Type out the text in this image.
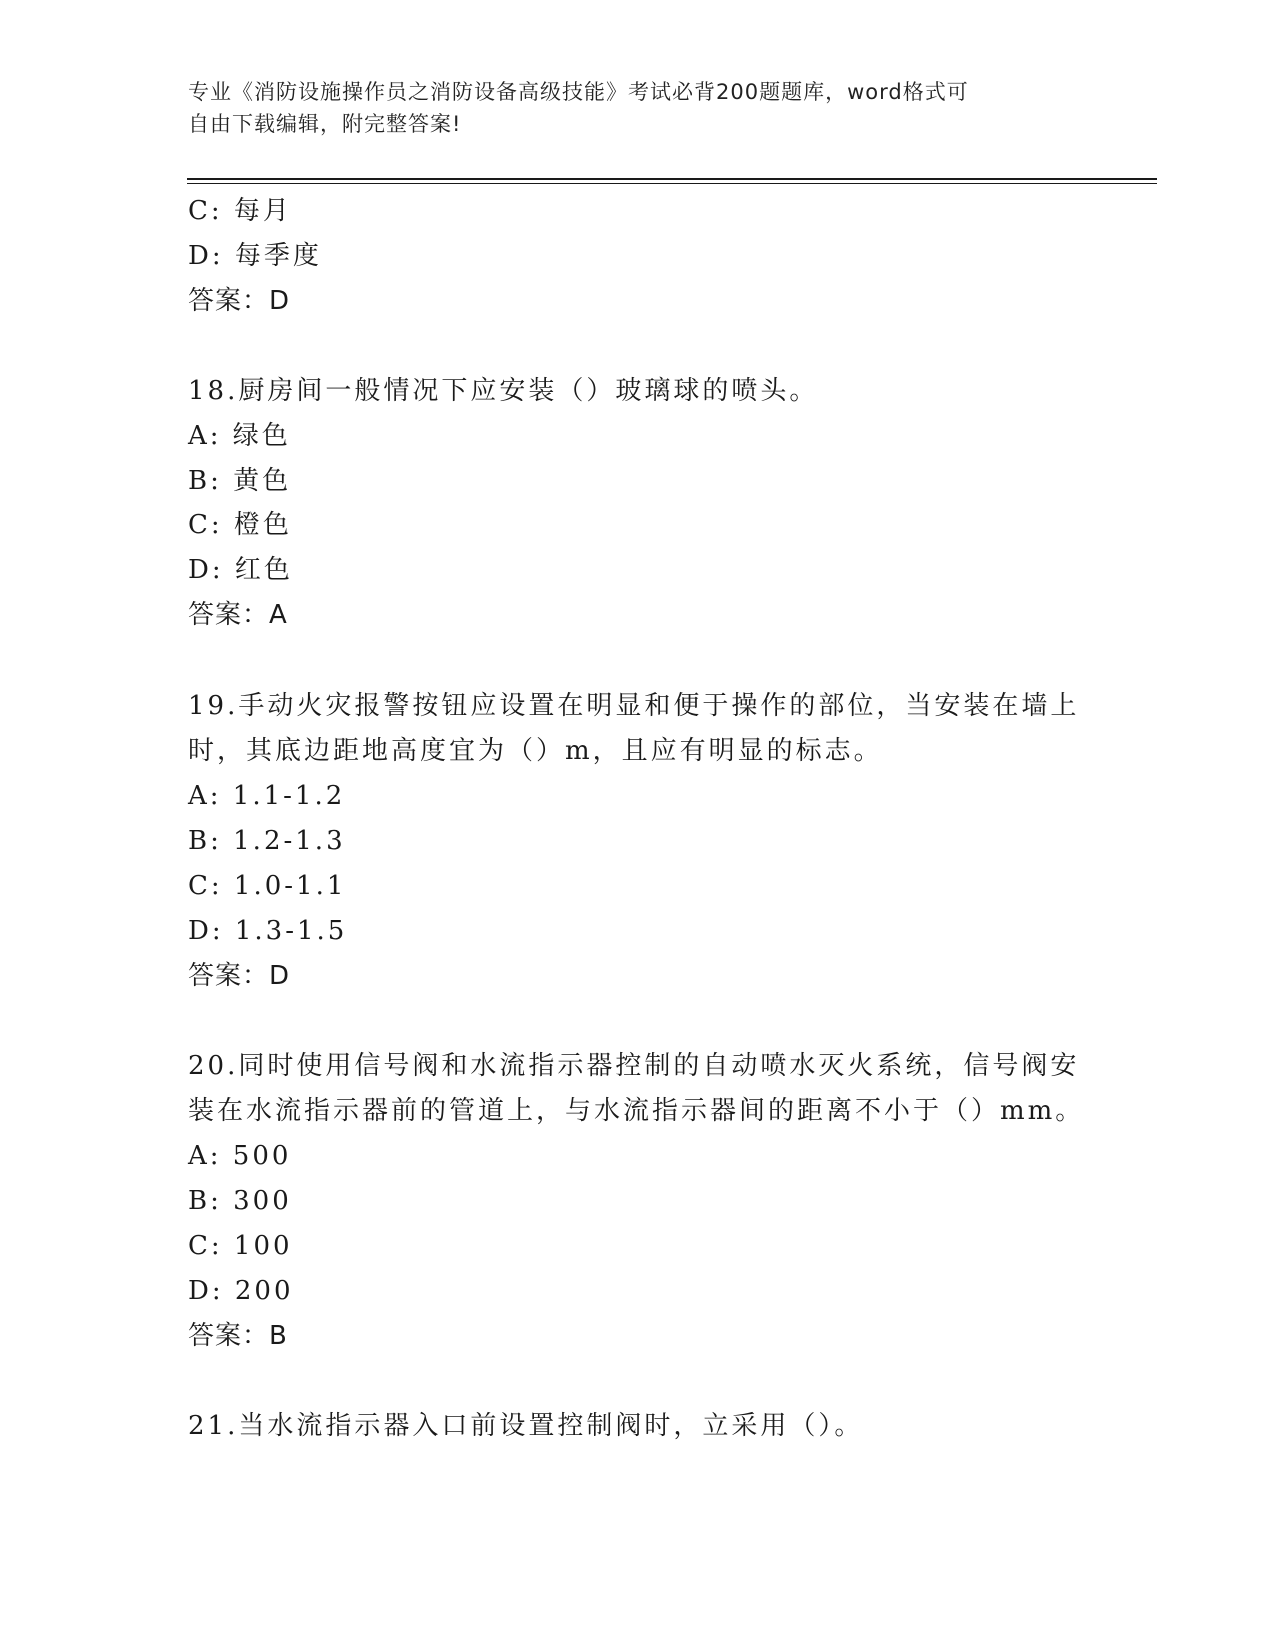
专业《消防设施操作员之消防设备高级技能》考试必背200题题库，word格式可
自由下载编辑，附完整答案!
C: 每月
D: 每季度
答案：D
18.厨房间一般情况下应安装（）玻璃球的喷头。
A: 绿色
B: 黄色
C: 橙色
D: 红色
答案：A
19.手动火灾报警按钮应设置在明显和便于操作的部位，当安装在墙上
时，其底边距地高度宜为（）m，且应有明显的标志。
A: 1.1-1.2
B: 1.2-1.3
C: 1.0-1.1
D: 1.3-1.5
答案：D
20.同时使用信号阀和水流指示器控制的自动喷水灭火系统，信号阀安
装在水流指示器前的管道上，与水流指示器间的距离不小于（）mm。
A: 500
B: 300
C: 100
D: 200
答案：B
21.当水流指示器入口前设置控制阀时，立采用（）。
